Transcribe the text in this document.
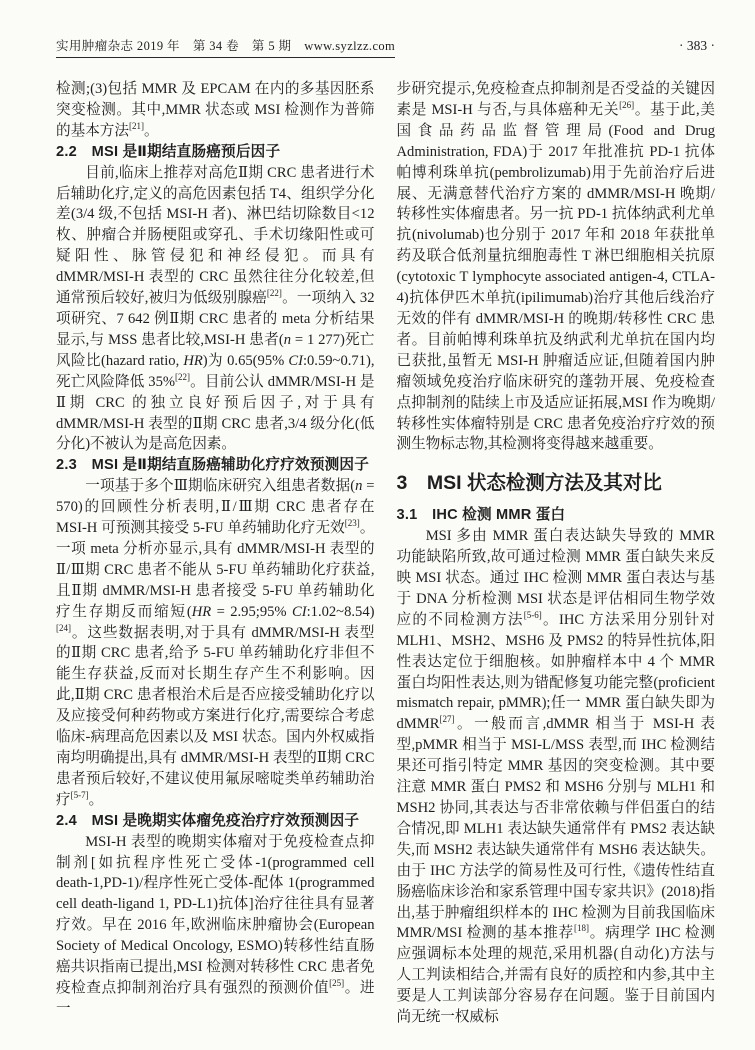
实用肿瘤杂志 2019 年　第 34 卷　第 5 期　www.syzlzz.com	· 383 ·

检测;(3)包括 MMR 及 EPCAM 在内的多基因胚系突变检测。其中,MMR 状态或 MSI 检测作为普筛的基本方法[21]。

2.2　MSI 是Ⅱ期结直肠癌预后因子

目前,临床上推荐对高危Ⅱ期 CRC 患者进行术后辅助化疗,定义的高危因素包括 T4、组织学分化差(3/4 级,不包括 MSI-H 者)、淋巴结切除数目<12 枚、肿瘤合并肠梗阻或穿孔、手术切缘阳性或可疑阳性、脉管侵犯和神经侵犯。而具有 dMMR/MSI-H 表型的 CRC 虽然往往分化较差,但通常预后较好,被归为低级别腺癌[22]。一项纳入 32 项研究、7 642 例Ⅱ期 CRC 患者的 meta 分析结果显示,与 MSS 患者比较,MSI-H 患者(n = 1 277)死亡风险比(hazard ratio, HR)为 0.65(95% CI:0.59~0.71),死亡风险降低 35%[22]。目前公认 dMMR/MSI-H 是Ⅱ期 CRC 的独立良好预后因子,对于具有 dMMR/MSI-H 表型的Ⅱ期 CRC 患者,3/4 级分化(低分化)不被认为是高危因素。

2.3　MSI 是Ⅱ期结直肠癌辅助化疗疗效预测因子

一项基于多个Ⅲ期临床研究入组患者数据(n = 570)的回顾性分析表明,Ⅱ/Ⅲ期 CRC 患者存在 MSI-H 可预测其接受 5-FU 单药辅助化疗无效[23]。一项 meta 分析亦显示,具有 dMMR/MSI-H 表型的Ⅱ/Ⅲ期 CRC 患者不能从 5-FU 单药辅助化疗获益,且Ⅱ期 dMMR/MSI-H 患者接受 5-FU 单药辅助化疗生存期反而缩短(HR = 2.95;95% CI:1.02~8.54)[24]。这些数据表明,对于具有 dMMR/MSI-H 表型的Ⅱ期 CRC 患者,给予 5-FU 单药辅助化疗非但不能生存获益,反而对长期生存产生不利影响。因此,Ⅱ期 CRC 患者根治术后是否应接受辅助化疗以及应接受何种药物或方案进行化疗,需要综合考虑临床-病理高危因素以及 MSI 状态。国内外权威指南均明确提出,具有 dMMR/MSI-H 表型的Ⅱ期 CRC 患者预后较好,不建议使用氟尿嘧啶类单药辅助治疗[5-7]。

2.4　MSI 是晚期实体瘤免疫治疗疗效预测因子

MSI-H 表型的晚期实体瘤对于免疫检查点抑制剂[如抗程序性死亡受体-1(programmed cell death-1,PD-1)/程序性死亡受体-配体 1(programmed cell death-ligand 1, PD-L1)抗体]治疗往往具有显著疗效。早在 2016 年,欧洲临床肿瘤协会(European Society of Medical Oncology, ESMO)转移性结直肠癌共识指南已提出,MSI 检测对转移性 CRC 患者免疫检查点抑制剂治疗具有强烈的预测价值[25]。进一

步研究提示,免疫检查点抑制剂是否受益的关键因素是 MSI-H 与否,与具体癌种无关[26]。基于此,美国食品药品监督管理局(Food and Drug Administration, FDA)于 2017 年批准抗 PD-1 抗体帕博利珠单抗(pembrolizumab)用于先前治疗后进展、无满意替代治疗方案的 dMMR/MSI-H 晚期/转移性实体瘤患者。另一抗 PD-1 抗体纳武利尤单抗(nivolumab)也分别于 2017 年和 2018 年获批单药及联合低剂量抗细胞毒性 T 淋巴细胞相关抗原(cytotoxic T lymphocyte associated antigen-4, CTLA-4)抗体伊匹木单抗(ipilimumab)治疗其他后线治疗无效的伴有 dMMR/MSI-H 的晚期/转移性 CRC 患者。目前帕博利珠单抗及纳武利尤单抗在国内均已获批,虽暂无 MSI-H 肿瘤适应证,但随着国内肿瘤领域免疫治疗临床研究的蓬勃开展、免疫检查点抑制剂的陆续上市及适应证拓展,MSI 作为晚期/转移性实体瘤特别是 CRC 患者免疫治疗疗效的预测生物标志物,其检测将变得越来越重要。

3　MSI 状态检测方法及其对比
3.1　IHC 检测 MMR 蛋白

MSI 多由 MMR 蛋白表达缺失导致的 MMR 功能缺陷所致,故可通过检测 MMR 蛋白缺失来反映 MSI 状态。通过 IHC 检测 MMR 蛋白表达与基于 DNA 分析检测 MSI 状态是评估相同生物学效应的不同检测方法[5-6]。IHC 方法采用分别针对 MLH1、MSH2、MSH6 及 PMS2 的特异性抗体,阳性表达定位于细胞核。如肿瘤样本中 4 个 MMR 蛋白均阳性表达,则为错配修复功能完整(proficient mismatch repair, pMMR);任一 MMR 蛋白缺失即为 dMMR[27]。一般而言,dMMR 相当于 MSI-H 表型,pMMR 相当于 MSI-L/MSS 表型,而 IHC 检测结果还可指引特定 MMR 基因的突变检测。其中要注意 MMR 蛋白 PMS2 和 MSH6 分别与 MLH1 和 MSH2 协同,其表达与否非常依赖与伴侣蛋白的结合情况,即 MLH1 表达缺失通常伴有 PMS2 表达缺失,而 MSH2 表达缺失通常伴有 MSH6 表达缺失。由于 IHC 方法学的简易性及可行性,《遗传性结直肠癌临床诊治和家系管理中国专家共识》(2018)指出,基于肿瘤组织样本的 IHC 检测为目前我国临床 MMR/MSI 检测的基本推荐[18]。病理学 IHC 检测应强调标本处理的规范,采用机器(自动化)方法与人工判读相结合,并需有良好的质控和内参,其中主要是人工判读部分容易存在问题。鉴于目前国内尚无统一权威标
